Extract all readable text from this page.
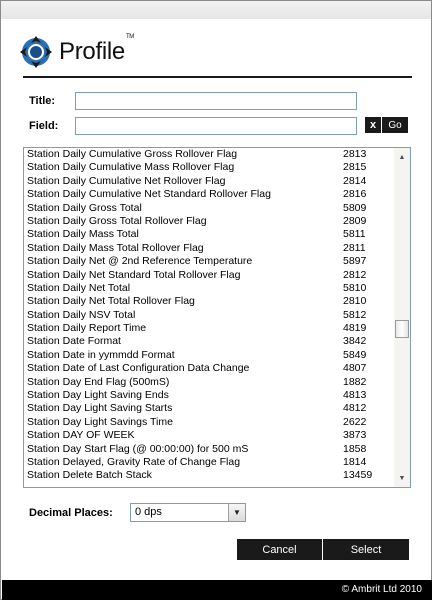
Profile™
Title:
Field:	x	Go
Station Daily Cumulative Gross Rollover Flag	2813
Station Daily Cumulative Mass Rollover Flag	2815
Station Daily Cumulative Net Rollover Flag	2814
Station Daily Cumulative Net Standard Rollover Flag	2816
Station Daily Gross Total	5809
Station Daily Gross Total Rollover Flag	2809
Station Daily Mass Total	5811
Station Daily Mass Total Rollover Flag	2811
Station Daily Net @ 2nd Reference Temperature	5897
Station Daily Net Standard Total Rollover Flag	2812
Station Daily Net Total	5810
Station Daily Net Total Rollover Flag	2810
Station Daily NSV Total	5812
Station Daily Report Time	4819
Station Date Format	3842
Station Date in yymmdd Format	5849
Station Date of Last Configuration Data Change	4807
Station Day End Flag (500mS)	1882
Station Day Light Saving Ends	4813
Station Day Light Saving Starts	4812
Station Day Light Savings Time	2622
Station DAY OF WEEK	3873
Station Day Start Flag (@ 00:00:00) for 500 mS	1858
Station Delayed, Gravity Rate of Change Flag	1814
Station Delete Batch Stack	13459
▲
▼
Decimal Places: 0 dps	▼
Cancel	Select
© Ambrit Ltd 2010
